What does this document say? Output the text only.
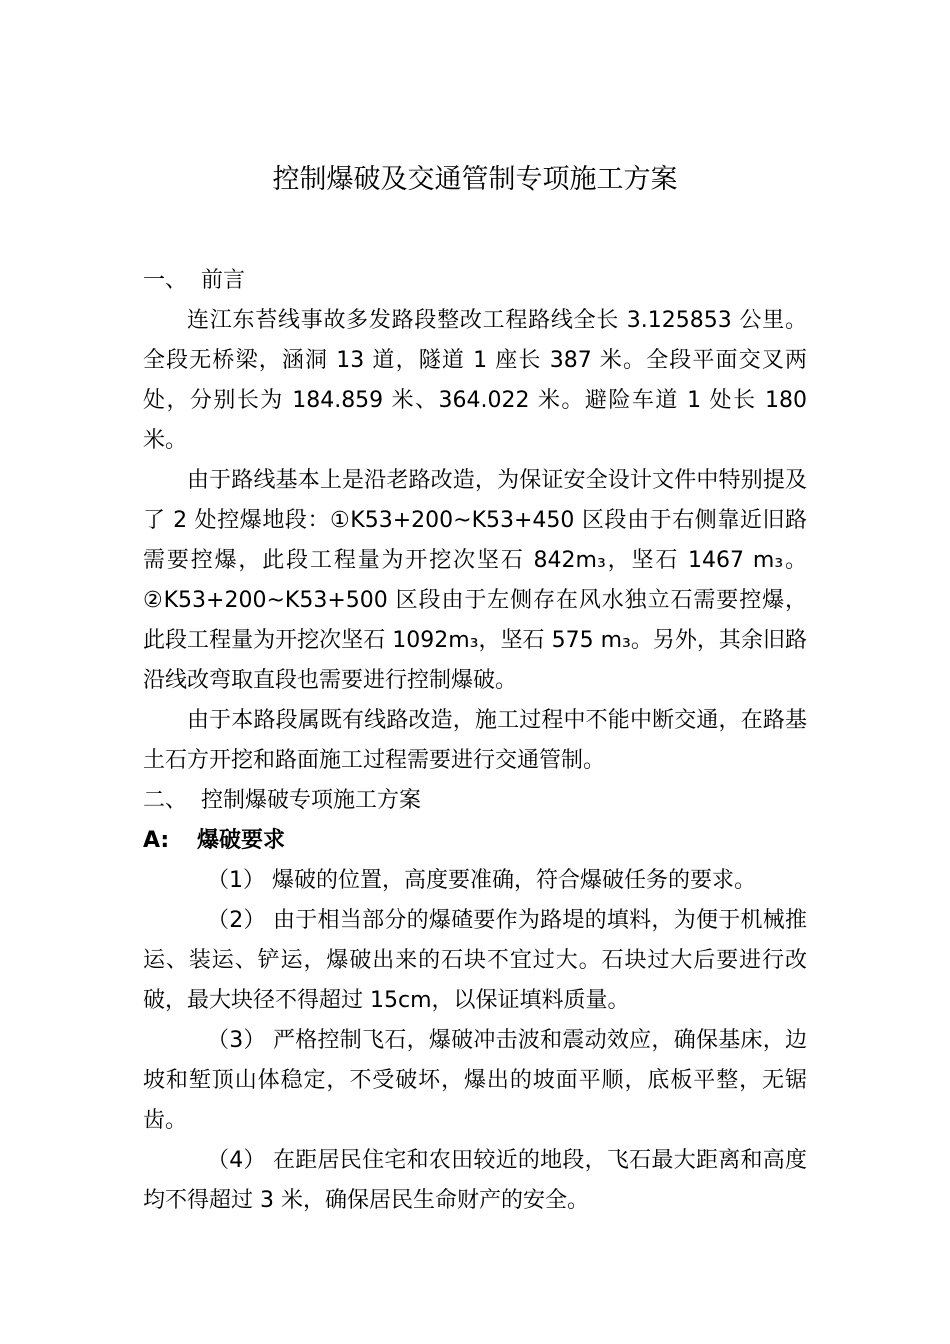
控制爆破及交通管制专项施工方案

一、 前言

连江东苔线事故多发路段整改工程路线全长 3.125853 公里。全段无桥梁，涵洞 13 道，隧道 1 座长 387 米。全段平面交叉两处，分别长为 184.859 米、364.022 米。避险车道 1 处长 180 米。

由于路线基本上是沿老路改造，为保证安全设计文件中特别提及了 2 处控爆地段：①K53+200~K53+450 区段由于右侧靠近旧路需要控爆，此段工程量为开挖次坚石 842m₃，坚石 1467 m₃。②K53+200~K53+500 区段由于左侧存在风水独立石需要控爆，此段工程量为开挖次坚石 1092m₃，坚石 575 m₃。另外，其余旧路沿线改弯取直段也需要进行控制爆破。

由于本路段属既有线路改造，施工过程中不能中断交通，在路基土石方开挖和路面施工过程需要进行交通管制。

二、 控制爆破专项施工方案

A: 爆破要求

（1） 爆破的位置，高度要准确，符合爆破任务的要求。

（2） 由于相当部分的爆碴要作为路堤的填料，为便于机械推运、装运、铲运，爆破出来的石块不宜过大。石块过大后要进行改破，最大块径不得超过 15cm，以保证填料质量。

（3） 严格控制飞石，爆破冲击波和震动效应，确保基床，边坡和堑顶山体稳定，不受破坏，爆出的坡面平顺，底板平整，无锯齿。

（4） 在距居民住宅和农田较近的地段，飞石最大距离和高度均不得超过 3 米，确保居民生命财产的安全。
